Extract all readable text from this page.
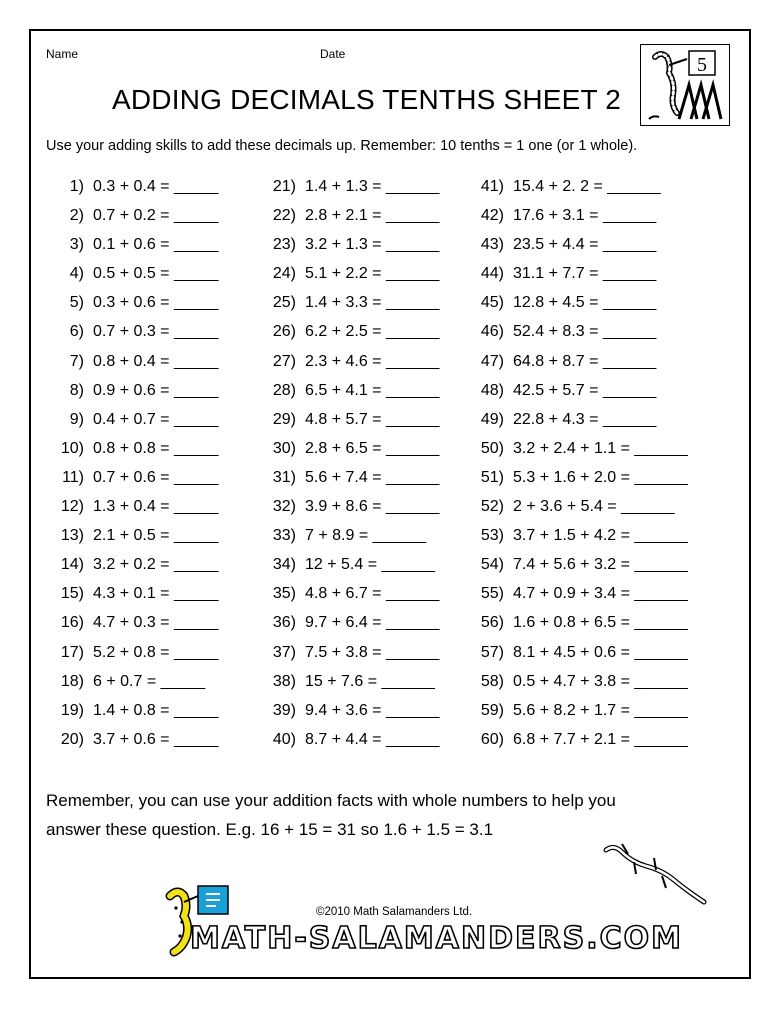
Name	Date
ADDING DECIMALS TENTHS SHEET 2
5
Use your adding skills to add these decimals up. Remember: 10 tenths = 1 one (or 1 whole).
1) 0.3 + 0.4 = _____
2) 0.7 + 0.2 = _____
3) 0.1 + 0.6 = _____
4) 0.5 + 0.5 = _____
5) 0.3 + 0.6 = _____
6) 0.7 + 0.3 = _____
7) 0.8 + 0.4 = _____
8) 0.9 + 0.6 = _____
9) 0.4 + 0.7 = _____
10) 0.8 + 0.8 = _____
11) 0.7 + 0.6 = _____
12) 1.3 + 0.4 = _____
13) 2.1 + 0.5 = _____
14) 3.2 + 0.2 = _____
15) 4.3 + 0.1 = _____
16) 4.7 + 0.3 = _____
17) 5.2 + 0.8 = _____
18) 6 + 0.7 = _____
19) 1.4 + 0.8 = _____
20) 3.7 + 0.6 = _____
21) 1.4 + 1.3 = ______
22) 2.8 + 2.1 = ______
23) 3.2 + 1.3 = ______
24) 5.1 + 2.2 = ______
25) 1.4 + 3.3 = ______
26) 6.2 + 2.5 = ______
27) 2.3 + 4.6 = ______
28) 6.5 + 4.1 = ______
29) 4.8 + 5.7 = ______
30) 2.8 + 6.5 = ______
31) 5.6 + 7.4 = ______
32) 3.9 + 8.6 = ______
33) 7 + 8.9 = ______
34) 12 + 5.4 = ______
35) 4.8 + 6.7 = ______
36) 9.7 + 6.4 = ______
37) 7.5 + 3.8 = ______
38) 15 + 7.6 = ______
39) 9.4 + 3.6 = ______
40) 8.7 + 4.4 = ______
41) 15.4 + 2. 2 = ______
42) 17.6 + 3.1 = ______
43) 23.5 + 4.4 = ______
44) 31.1 + 7.7 = ______
45) 12.8 + 4.5 = ______
46) 52.4 + 8.3 = ______
47) 64.8 + 8.7 = ______
48) 42.5 + 5.7 = ______
49) 22.8 + 4.3 = ______
50) 3.2 + 2.4 + 1.1 = ______
51) 5.3 + 1.6 + 2.0 = ______
52) 2 + 3.6 + 5.4 = ______
53) 3.7 + 1.5 + 4.2 = ______
54) 7.4 + 5.6 + 3.2 = ______
55) 4.7 + 0.9 + 3.4 = ______
56) 1.6 + 0.8 + 6.5 = ______
57) 8.1 + 4.5 + 0.6 = ______
58) 0.5 + 4.7 + 3.8 = ______
59) 5.6 + 8.2 + 1.7 = ______
60) 6.8 + 7.7 + 2.1 = ______
Remember, you can use your addition facts with whole numbers to help you
answer these question. E.g. 16 + 15 = 31 so 1.6 + 1.5 = 3.1
©2010 Math Salamanders Ltd.
MATH-SALAMANDERS.COM
